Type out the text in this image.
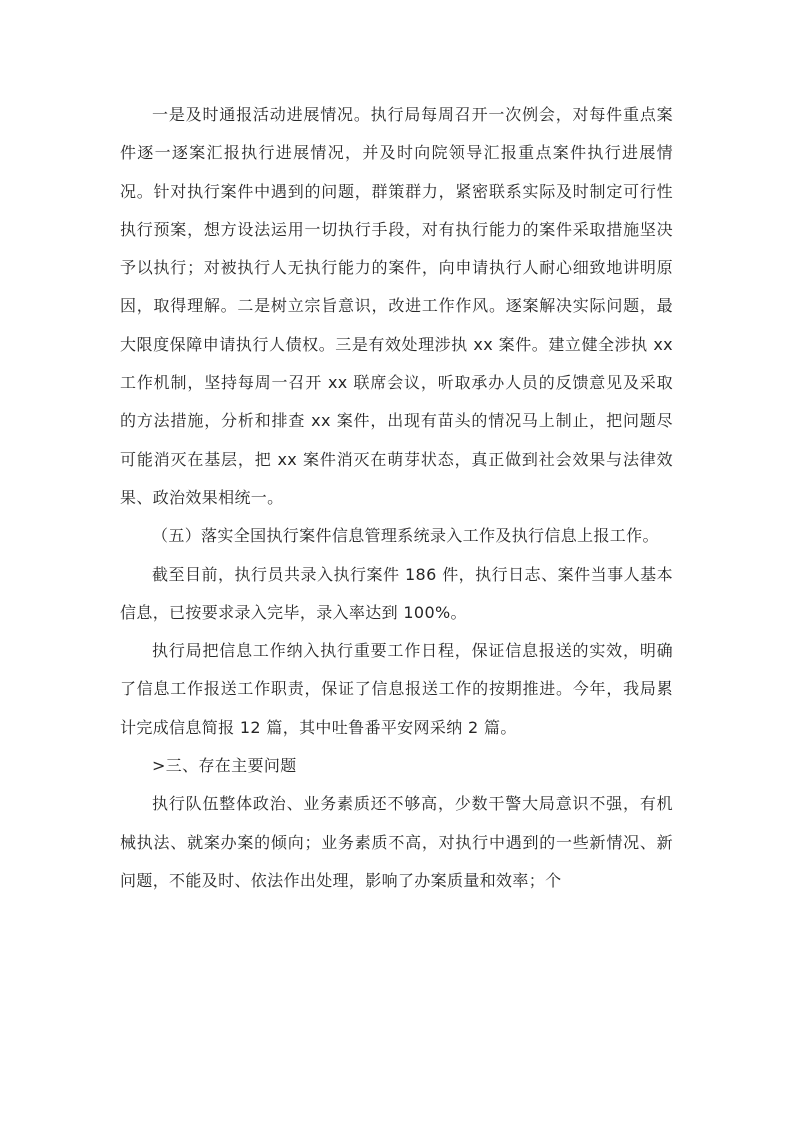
一是及时通报活动进展情况。执行局每周召开一次例会，对每件重点案件逐一逐案汇报执行进展情况，并及时向院领导汇报重点案件执行进展情况。针对执行案件中遇到的问题，群策群力，紧密联系实际及时制定可行性执行预案，想方设法运用一切执行手段，对有执行能力的案件采取措施坚决予以执行；对被执行人无执行能力的案件，向申请执行人耐心细致地讲明原因，取得理解。二是树立宗旨意识，改进工作作风。逐案解决实际问题，最大限度保障申请执行人债权。三是有效处理涉执 xx 案件。建立健全涉执 xx 工作机制，坚持每周一召开 xx 联席会议，听取承办人员的反馈意见及采取的方法措施，分析和排查 xx 案件，出现有苗头的情况马上制止，把问题尽可能消灭在基层，把 xx 案件消灭在萌芽状态，真正做到社会效果与法律效果、政治效果相统一。

（五）落实全国执行案件信息管理系统录入工作及执行信息上报工作。

截至目前，执行员共录入执行案件 186 件，执行日志、案件当事人基本信息，已按要求录入完毕，录入率达到 100%。

执行局把信息工作纳入执行重要工作日程，保证信息报送的实效，明确了信息工作报送工作职责，保证了信息报送工作的按期推进。今年，我局累计完成信息简报 12 篇，其中吐鲁番平安网采纳 2 篇。

>三、存在主要问题

执行队伍整体政治、业务素质还不够高，少数干警大局意识不强，有机械执法、就案办案的倾向；业务素质不高，对执行中遇到的一些新情况、新问题，不能及时、依法作出处理，影响了办案质量和效率；个
